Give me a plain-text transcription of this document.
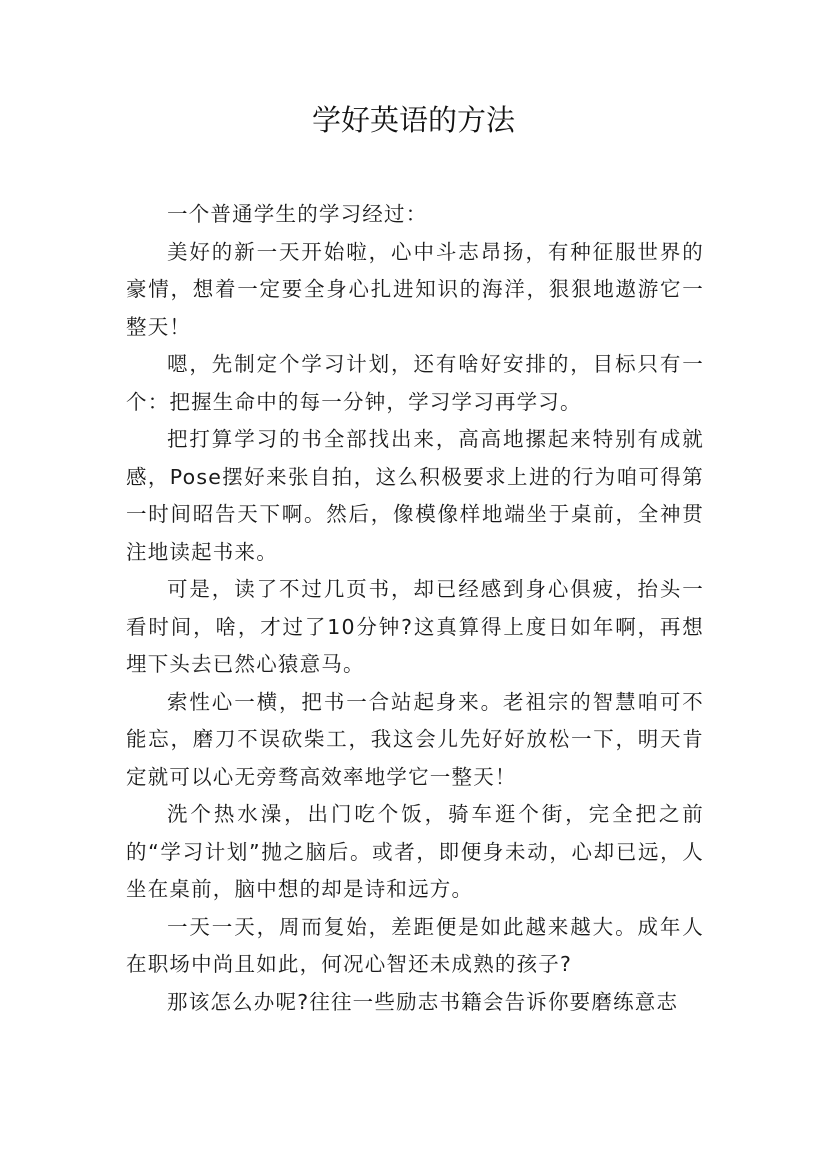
学好英语的方法

一个普通学生的学习经过：

美好的新一天开始啦，心中斗志昂扬，有种征服世界的豪情，想着一定要全身心扎进知识的海洋，狠狠地遨游它一整天！

嗯，先制定个学习计划，还有啥好安排的，目标只有一个：把握生命中的每一分钟，学习学习再学习。

把打算学习的书全部找出来，高高地摞起来特别有成就感，Pose摆好来张自拍，这么积极要求上进的行为咱可得第一时间昭告天下啊。然后，像模像样地端坐于桌前，全神贯注地读起书来。

可是，读了不过几页书，却已经感到身心俱疲，抬头一看时间，啥，才过了10分钟?这真算得上度日如年啊，再想埋下头去已然心猿意马。

索性心一横，把书一合站起身来。老祖宗的智慧咱可不能忘，磨刀不误砍柴工，我这会儿先好好放松一下，明天肯定就可以心无旁骛高效率地学它一整天！

洗个热水澡，出门吃个饭，骑车逛个街，完全把之前的“学习计划”抛之脑后。或者，即便身未动，心却已远，人坐在桌前，脑中想的却是诗和远方。

一天一天，周而复始，差距便是如此越来越大。成年人在职场中尚且如此，何况心智还未成熟的孩子?

那该怎么办呢?往往一些励志书籍会告诉你要磨练意志
